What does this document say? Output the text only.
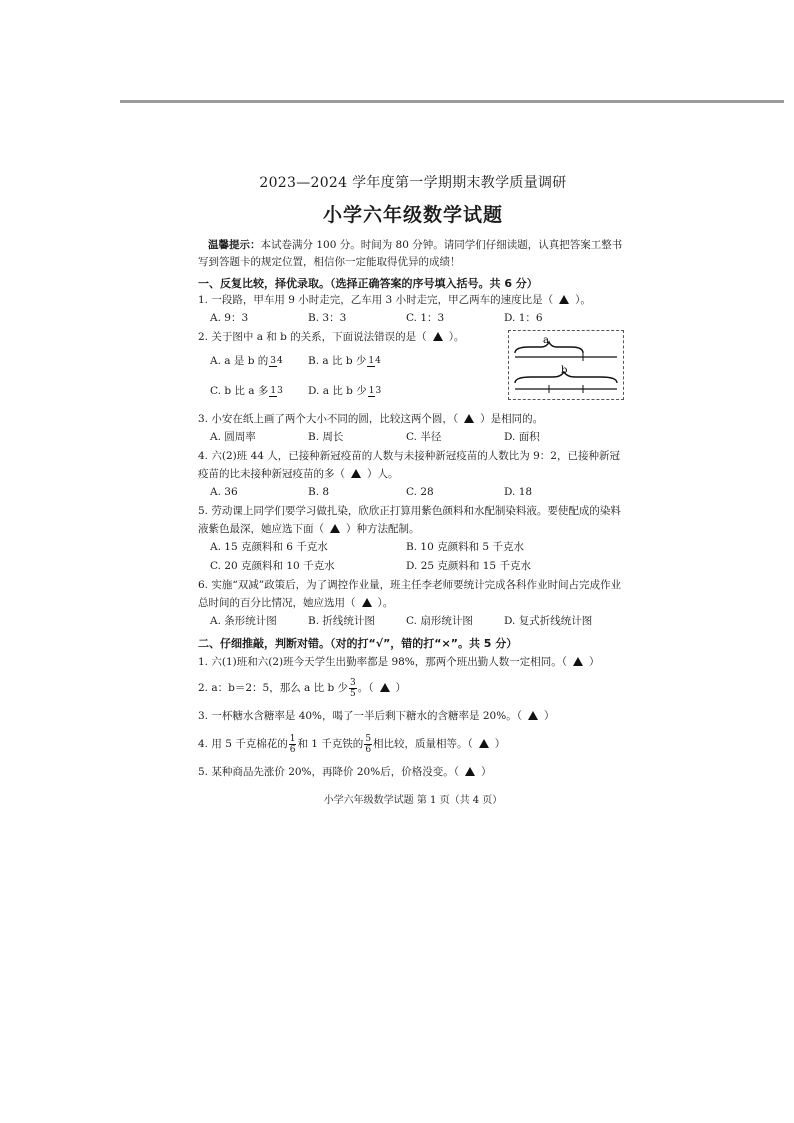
2023—2024 学年度第一学期期末教学质量调研
小学六年级数学试题
温馨提示：本试卷满分 100 分。时间为 80 分钟。请同学们仔细读题，认真把答案工整书写到答题卡的规定位置，相信你一定能取得优异的成绩！
一、反复比较，择优录取。（选择正确答案的序号填入括号。共 6 分）
1. 一段路，甲车用 9 小时走完，乙车用 3 小时走完，甲乙两车的速度比是（ ）。
A. 9：3	B. 3：3	C. 1：3	D. 1：6
2. 关于图中 a 和 b 的关系，下面说法错误的是（ ）。
A. a 是 b 的 34	B. a 比 b 少 14
C. b 比 a 多 13	D. a 比 b 少 13
a
b
3. 小安在纸上画了两个大小不同的圆，比较这两个圆，（ ）是相同的。
A. 圆周率	B. 周长	C. 半径	D. 面积
4. 六(2)班 44 人，已接种新冠疫苗的人数与未接种新冠疫苗的人数比为 9：2，已接种新冠疫苗的比未接种新冠疫苗的多（ ）人。
A. 36	B. 8	C. 28	D. 18
5. 劳动课上同学们要学习做扎染，欣欣正打算用紫色颜料和水配制染料液。要使配成的染料液紫色最深，她应选下面（ ）种方法配制。
A. 15 克颜料和 6 千克水	B. 10 克颜料和 5 千克水
C. 20 克颜料和 10 千克水	D. 25 克颜料和 15 千克水
6. 实施“双减”政策后，为了调控作业量，班主任李老师要统计完成各科作业时间占完成作业总时间的百分比情况，她应选用（ ）。
A. 条形统计图	B. 折线统计图	C. 扇形统计图	D. 复式折线统计图
二、仔细推敲，判断对错。（对的打“√”，错的打“×”。共 5 分）
1. 六(1)班和六(2)班今天学生出勤率都是 98%，那两个班出勤人数一定相同。（ ）
2. a：b＝2：5，那么 a 比 b 少 $\frac{3}{5}$ 。（ ）
3. 一杯糖水含糖率是 40%，喝了一半后剩下糖水的含糖率是 20%。（ ）
4. 用 5 千克棉花的 $\frac{1}{6}$ 和 1 千克铁的 $\frac{5}{6}$ 相比较，质量相等。（ ）
5. 某种商品先涨价 20%，再降价 20%后，价格没变。（ ）
小学六年级数学试题 第 1 页（共 4 页）
